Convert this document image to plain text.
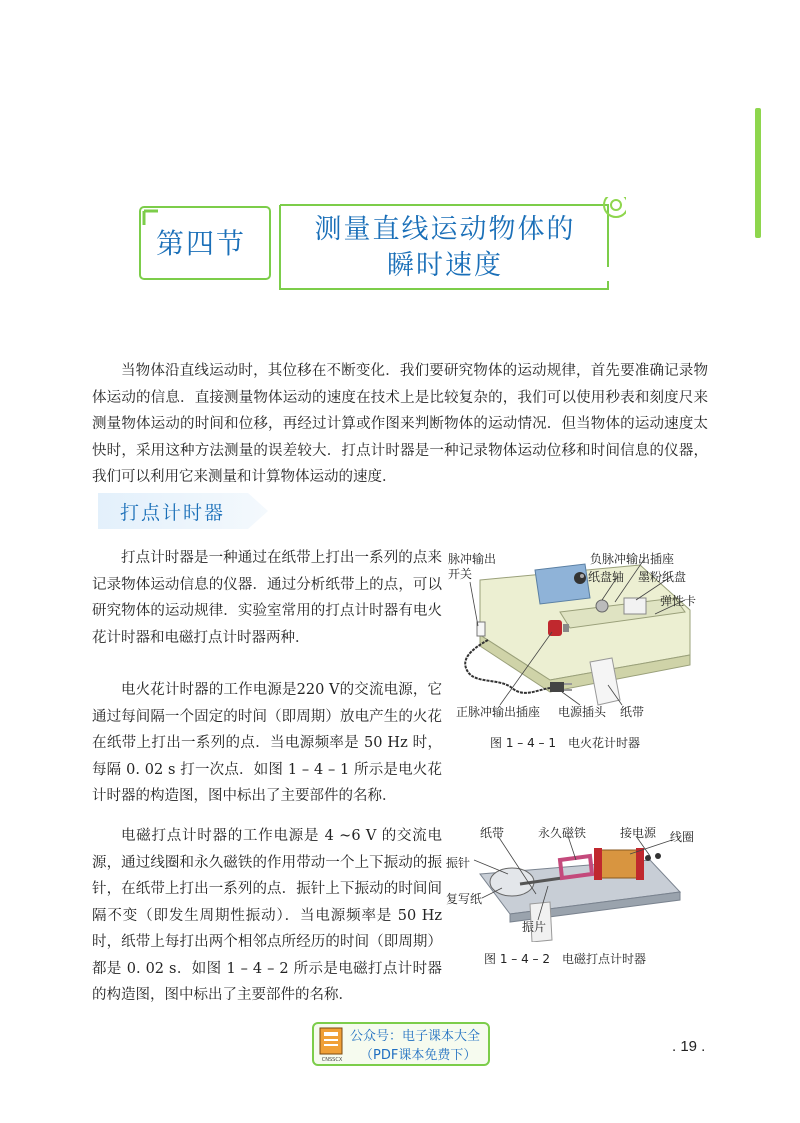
第四节	测量直线运动物体的
瞬时速度

当物体沿直线运动时，其位移在不断变化．我们要研究物体的运动规律，首先要准确记录物体运动的信息．直接测量物体运动的速度在技术上是比较复杂的，我们可以使用秒表和刻度尺来测量物体运动的时间和位移，再经过计算或作图来判断物体的运动情况．但当物体的运动速度太快时，采用这种方法测量的误差较大．打点计时器是一种记录物体运动位移和时间信息的仪器，我们可以利用它来测量和计算物体运动的速度．

打点计时器

打点计时器是一种通过在纸带上打出一系列的点来记录物体运动信息的仪器．通过分析纸带上的点，可以研究物体的运动规律．实验室常用的打点计时器有电火花计时器和电磁打点计时器两种．

电火花计时器的工作电源是220 V的交流电源，它通过每间隔一个固定的时间（即周期）放电产生的火花在纸带上打出一系列的点．当电源频率是 50 Hz 时，每隔 0. 02 s 打一次点．如图 1 – 4 – 1 所示是电火花计时器的构造图，图中标出了主要部件的名称．

电磁打点计时器的工作电源是 4 ~6 V 的交流电源，通过线圈和永久磁铁的作用带动一个上下振动的振针，在纸带上打出一系列的点．振针上下振动的时间间隔不变（即发生周期性振动）．当电源频率是 50 Hz 时，纸带上每打出两个相邻点所经历的时间（即周期）都是 0. 02 s．如图 1 – 4 – 2 所示是电磁打点计时器的构造图，图中标出了主要部件的名称．

脉冲输出
开关
负脉冲输出插座
纸盘轴 墨粉纸盘
弹性卡
正脉冲输出插座 电源插头 纸带
图 1 – 4 – 1　电火花计时器
纸带	永久磁铁	接电源 线圈
振针
复写纸
振片
图 1 – 4 – 2　电磁打点计时器
CNSSCX
公众号：电子课本大全
（PDF课本免费下）
. 19 .
